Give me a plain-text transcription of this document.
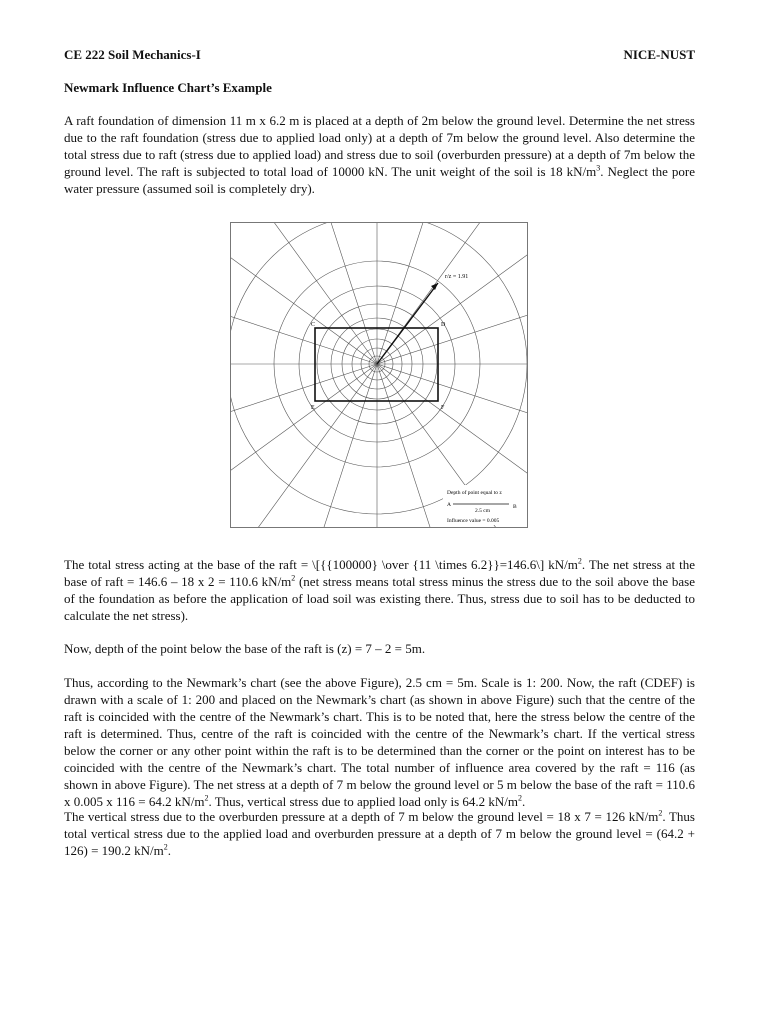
CE 222 Soil Mechanics-I	NICE-NUST
Newmark Influence Chart’s Example

A raft foundation of dimension 11 m x 6.2 m is placed at a depth of 2m below the ground level. Determine the net stress due to the raft foundation (stress due to applied load only) at a depth of 7m below the ground level. Also determine the total stress due to raft (stress due to applied load) and stress due to soil (overburden pressure) at a depth of 7m below the ground level. The raft is subjected to total load of 10000 kN. The unit weight of the soil is 18 $kN/m^3$. Neglect the pore water pressure (assumed soil is completely dry).

The total stress acting at the base of the raft = \[{{100000} \over {11 \times 6.2}}=146.6\] $kN/m^2$. The net stress at the base of raft = 146.6 – 18 x 2 = 110.6 $kN/m^2$ (net stress means total stress minus the stress due to the soil above the base of the foundation as before the application of load soil was existing there. Thus, stress due to soil has to be deducted to calculate the net stress).

Now, depth of the point below the base of the raft is (z) = 7 – 2 = 5m.

Thus, according to the Newmark’s chart (see the above Figure), 2.5 cm = 5m. Scale is 1: 200. Now, the raft (CDEF) is drawn with a scale of 1: 200 and placed on the Newmark’s chart (as shown in above Figure) such that the centre of the raft is coincided with the centre of the Newmark’s chart. This is to be noted that, here the stress below the centre of the raft is determined. Thus, centre of the raft is coincided with the centre of the Newmark’s chart. If the vertical stress below the corner or any other point within the raft is to be determined than the corner or the point on interest has to be coincided with the centre of the Newmark’s chart. The total number of influence area covered by the raft = 116 (as shown in above Figure). The net stress at a depth of 7 m below the ground level or 5 m below the base of the raft = 110.6 x 0.005 x 116 = 64.2 $kN/m^2$. Thus, vertical stress due to applied load only is 64.2 $kN/m^2$.

The vertical stress due to the overburden pressure at a depth of 7 m below the ground level = 18 x 7 = 126 $kN/m^2$. Thus total vertical stress due to the applied load and overburden pressure at a depth of 7 m below the ground level = (64.2 + 126) = 190.2 $kN/m^2$.

r/z = 1.91
C	D
E	F
Depth of point equal to z
A	B
2.5 cm
Influence value = 0.005
